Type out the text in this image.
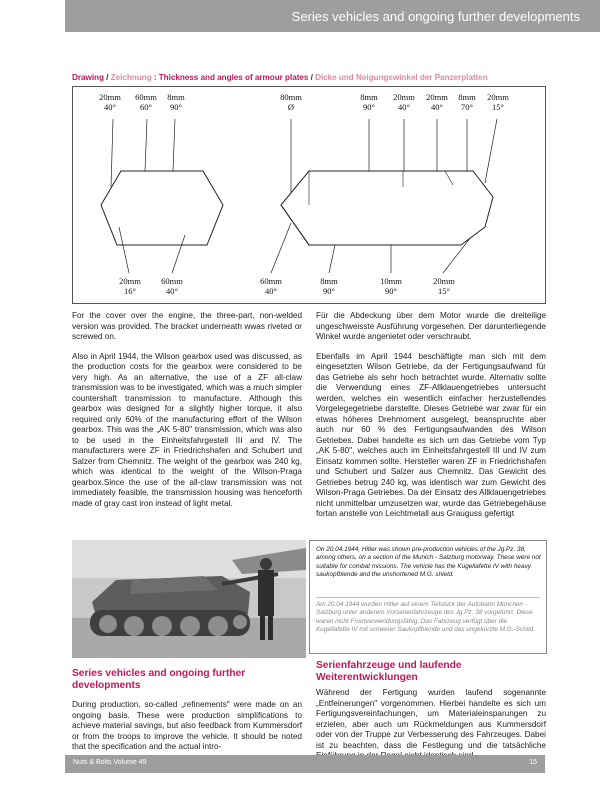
Series vehicles and ongoing further developments
Drawing / Zeichnung : Thickness and angles of armour plates / Dicke und Neigungswinkel der Panzerplatten
20mm
40°
60mm
60°
8mm
90°
80mm
Ø
8mm
90°
20mm
40°
20mm
40°
8mm
70°
20mm
15°
20mm
16°
60mm
40°
60mm
40°
8mm
90°
10mm
90°
20mm
15°

For the cover over the engine, the three-part, non-welded version was provided. The bracket underneath wwas riveted or screwed on.

Also in April 1944, the Wilson gearbox used was discussed, as the production costs for the gearbox were considered to be very high. As an alternative, the use of a ZF all-claw transmission was to be investigated, which was a much simpler countershaft transmission to manufacture. Although this gearbox was designed for a slightly higher torque, it also required only 60% of the manufacturing effort of the Wilson gearbox. This was the „AK 5-80" transmission, which was also to be used in the Einheitsfahrgestell III and IV. The manufacturers were ZF in Friedrichshafen and Schubert und Salzer from Chemnitz. The weight of the gearbox was 240 kg, which was identical to the weight of the Wilson-Praga gearbox.Since the use of the all-claw transmission was not immediately feasible, the transmission housing was henceforth made of gray cast iron instead of light metal.

Für die Abdeckung über dem Motor wurde die dreiteilige ungeschweisste Ausführung vorgesehen. Der darunterliegende Winkel wurde angenietet oder verschraubt.

Ebenfalls im April 1944 beschäftigte man sich mit dem eingesetzten Wilson Getriebe, da der Fertigungsaufwand für das Getriebe als sehr hoch betrachtet wurde. Alternativ sollte die Verwendung eines ZF-Allklauengetriebes untersucht werden, welches ein wesentlich einfacher herzustellendes Vorgelegegetriebe darstellte. Dieses Getriebe war zwar für ein etwas höheres Drehmoment ausgelegt, beanspruchte aber auch nur 60 % des Fertigungsaufwandes des Wilson Getriebes. Dabei handelte es sich um das Getriebe vom Typ „AK 5-80", welches auch im Einheitsfahrgestell III und IV zum Einsatz kommen sollte. Hersteller waren ZF in Friedrichshafen und Schubert und Salzer aus Chemnitz. Das Gewicht des Getriebes betrug 240 kg, was identisch war zum Gewicht des Wilson-Praga Getriebes. Da der Einsatz des Allklauengetriebes nicht unmittelbar umzusetzen war, wurde das Getriebegehäuse fortan anstelle von Leichtmetall aus Grauguss gefertigt

On 20.04.1944, Hitler was shown pre-production vehicles of the Jg.Pz. 38, among others, on a section of the Munich - Salzburg motorway. These were not suitable for combat missions. The vehicle has the Kugellafette IV with heavy saukopfblende and the unshortened M.G. shield.
Am 20.04.1944 wurden Hitler auf einem Teilstück der Autobahn München - Salzburg unter anderem Vorserienfahrzeuge des Jg.Pz. 38 vorgeführt. Diese waren nicht Frontverwendungsfähig. Das Fahrzeug verfügt über die Kugellafette IV mit schwerer Saukopfblende und das ungekürzte M.G.-Schild.
Series vehicles and ongoing further developments
During production, so-called „refinements" were made on an ongoing basis. These were production simplifications to achieve material savings, but also feedback from Kummersdorf or from the troops to improve the vehicle. It should be noted that the specification and the actual intro-
Serienfahrzeuge und laufende Weiterentwicklungen
Während der Fertigung wurden laufend sogenannte „Entfeinerungen" vorgenommen. Hierbei handelte es sich um Fertigungsvereinfachungen, um Materialeinsparungen zu erzielen, aber auch um Rückmeldungen aus Kummersdorf oder von der Truppe zur Verbesserung des Fahrzeuges. Dabei ist zu beachten, dass die Festlegung und die tatsächliche
Nuts & Bolts Volume 49	15
